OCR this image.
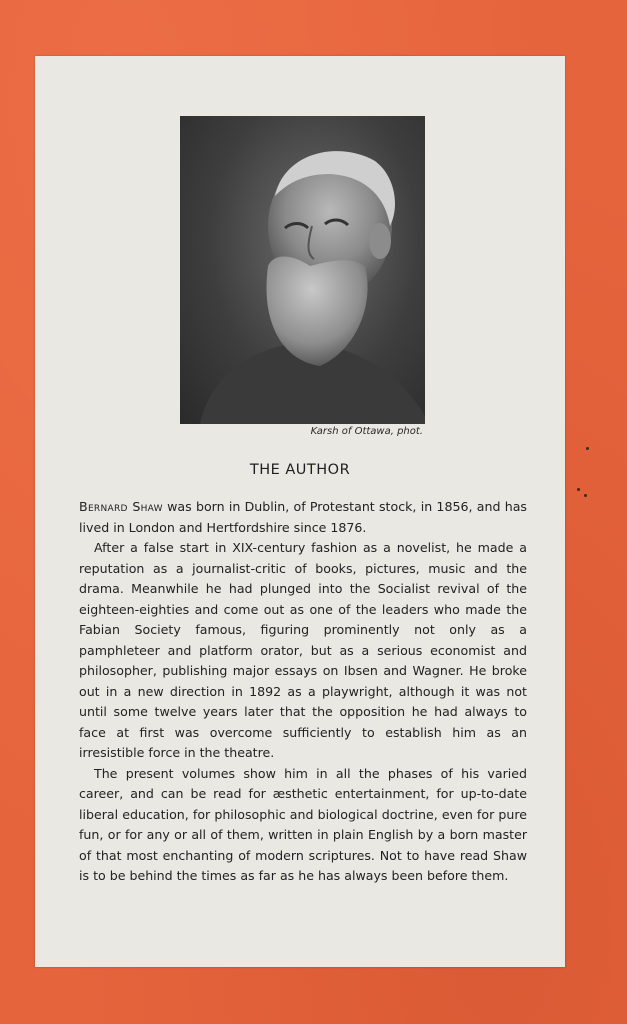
Karsh of Ottawa, phot.
THE AUTHOR

Bernard Shaw was born in Dublin, of Protestant stock, in 1856, and has lived in London and Hertfordshire since 1876.

After a false start in XIX-century fashion as a novelist, he made a reputation as a journalist-critic of books, pictures, music and the drama. Meanwhile he had plunged into the Socialist revival of the eighteen-eighties and come out as one of the leaders who made the Fabian Society famous, figuring prominently not only as a pamphleteer and platform orator, but as a serious economist and philosopher, publishing major essays on Ibsen and Wagner. He broke out in a new direction in 1892 as a playwright, although it was not until some twelve years later that the opposition he had always to face at first was overcome sufficiently to establish him as an irresistible force in the theatre.

The present volumes show him in all the phases of his varied career, and can be read for æsthetic entertainment, for up-to-date liberal education, for philosophic and biological doctrine, even for pure fun, or for any or all of them, written in plain English by a born master of that most enchanting of modern scriptures. Not to have read Shaw is to be behind the times as far as he has always been before them.
